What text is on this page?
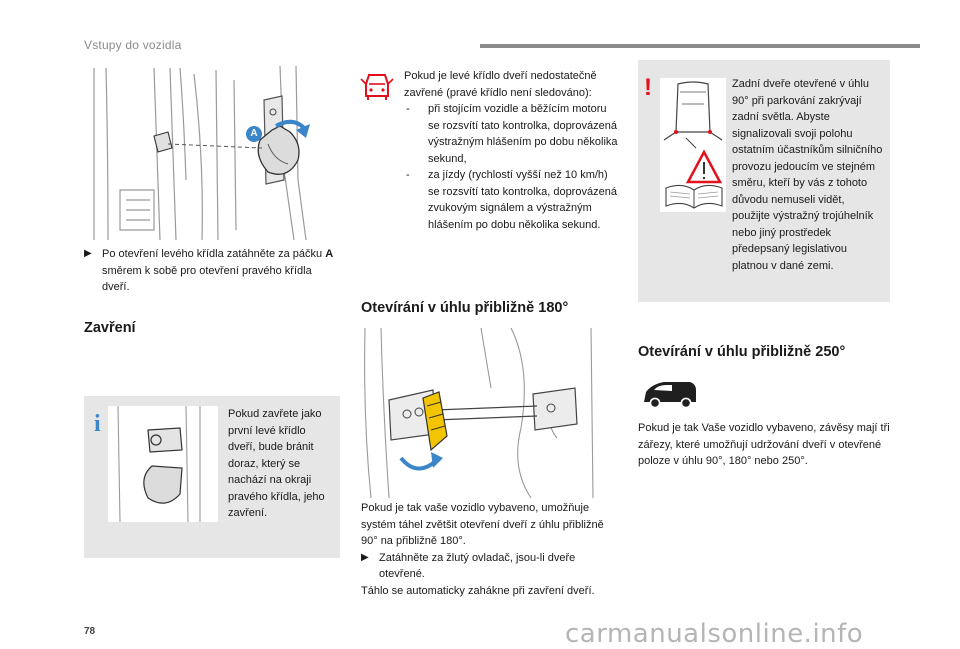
Vstupy do vozidla
A
▶ Po otevření levého křídla zatáhněte za páčku A směrem k sobě pro otevření pravého křídla dveří.
Zavření
i	Pokud zavřete jako první levé křídlo dveří, bude bránit doraz, který se nachází na okraji pravého křídla, jeho zavření.
Pokud je levé křídlo dveří nedostatečně zavřené (pravé křídlo není sledováno):
- při stojícím vozidle a běžícím motoru se rozsvítí tato kontrolka, doprovázená výstražným hlášením po dobu několika sekund,
- za jízdy (rychlostí vyšší než 10 km/h) se rozsvítí tato kontrolka, doprovázená zvukovým signálem a výstražným hlášením po dobu několika sekund.
Otevírání v úhlu přibližně 180°
Pokud je tak vaše vozidlo vybaveno, umožňuje systém táhel zvětšit otevření dveří z úhlu přibližně 90° na přibližně 180°.
▶ Zatáhněte za žlutý ovladač, jsou-li dveře otevřené.
Táhlo se automaticky zahákne při zavření dveří.
!	Zadní dveře otevřené v úhlu 90° při parkování zakrývají zadní světla. Abyste signalizovali svoji polohu ostatním účastníkům silničního provozu jedoucím ve stejném směru, kteří by vás z tohoto důvodu nemuseli vidět, použijte výstražný trojúhelník nebo jiný prostředek předepsaný legislativou platnou v dané zemi.
Otevírání v úhlu přibližně 250°
Pokud je tak Vaše vozidlo vybaveno, závěsy mají tři zářezy, které umožňují udržování dveří v otevřené poloze v úhlu 90°, 180° nebo 250°.
78	carmanualsonline.info
